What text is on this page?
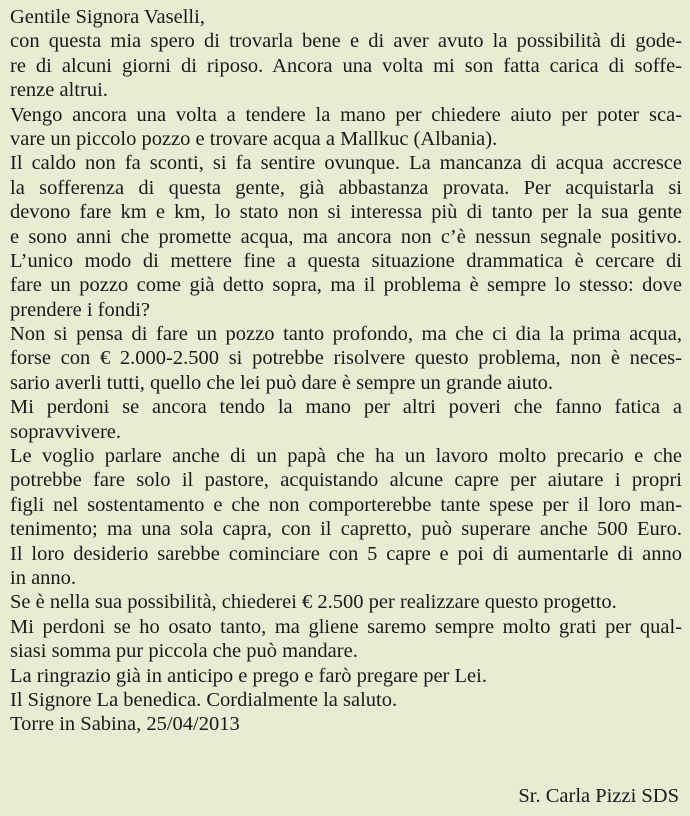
Gentile Signora Vaselli,
con questa mia spero di trovarla bene e di aver avuto la possibilità di gode-
re di alcuni giorni di riposo. Ancora una volta mi son fatta carica di soffe-
renze altrui.
Vengo ancora una volta a tendere la mano per chiedere aiuto per poter sca-
vare un piccolo pozzo e trovare acqua a Mallkuc (Albania).
Il caldo non fa sconti, si fa sentire ovunque. La mancanza di acqua accresce
la sofferenza di questa gente, già abbastanza provata. Per acquistarla si
devono fare km e km, lo stato non si interessa più di tanto per la sua gente
e sono anni che promette acqua, ma ancora non c’è nessun segnale positivo.
L’unico modo di mettere fine a questa situazione drammatica è cercare di
fare un pozzo come già detto sopra, ma il problema è sempre lo stesso: dove
prendere i fondi?
Non si pensa di fare un pozzo tanto profondo, ma che ci dia la prima acqua,
forse con € 2.000-2.500 si potrebbe risolvere questo problema, non è neces-
sario averli tutti, quello che lei può dare è sempre un grande aiuto.
Mi perdoni se ancora tendo la mano per altri poveri che fanno fatica a
sopravvivere.
Le voglio parlare anche di un papà che ha un lavoro molto precario e che
potrebbe fare solo il pastore, acquistando alcune capre per aiutare i propri
figli nel sostentamento e che non comporterebbe tante spese per il loro man-
tenimento; ma una sola capra, con il capretto, può superare anche 500 Euro.
Il loro desiderio sarebbe cominciare con 5 capre e poi di aumentarle di anno
in anno.
Se è nella sua possibilità, chiederei € 2.500 per realizzare questo progetto.
Mi perdoni se ho osato tanto, ma gliene saremo sempre molto grati per qual-
siasi somma pur piccola che può mandare.
La ringrazio già in anticipo e prego e farò pregare per Lei.
Il Signore La benedica. Cordialmente la saluto.
Torre in Sabina, 25/04/2013
Sr. Carla Pizzi SDS
